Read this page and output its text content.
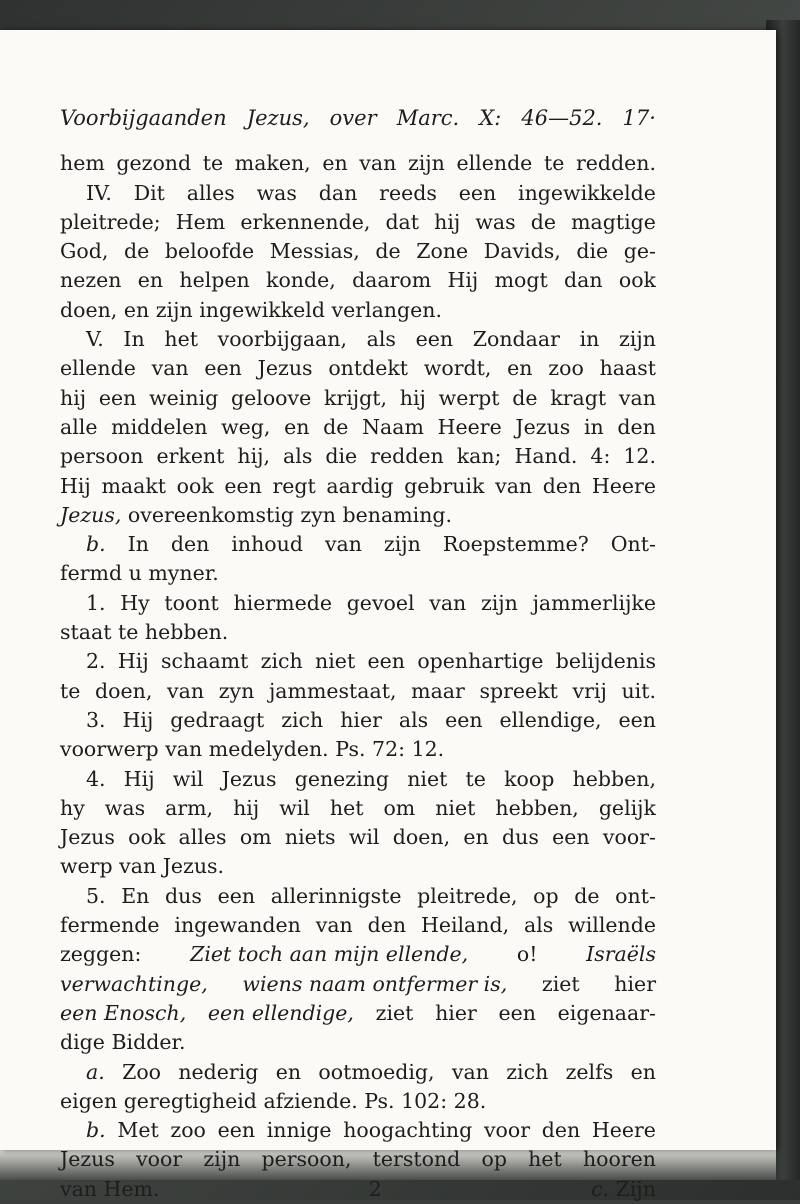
Voorbijgaanden Jezus, over Marc. X: 46—52. 17·
hem gezond te maken, en van zijn ellende te redden.
IV. Dit alles was dan reeds een ingewikkelde
pleitrede; Hem erkennende, dat hij was de magtige
God, de beloofde Messias, de Zone Davids, die ge-
nezen en helpen konde, daarom Hij mogt dan ook
doen,
en
zijn
ingewikkeld
verlangen.
V. In het voorbijgaan, als een Zondaar in zijn
ellende van een Jezus ontdekt wordt, en zoo haast
hij een weinig geloove krijgt, hij werpt de kragt van
alle middelen weg, en de Naam Heere Jezus in den
persoon erkent hij, als die redden kan; Hand. 4: 12.
Hij maakt ook een regt aardig gebruik van den Heere
Jezus,
overeenkomstig
zyn
benaming.
b. In den inhoud van zijn Roepstemme? Ont-
fermd
u
myner.
1. Hy toont hiermede gevoel van zijn jammerlijke
staat
te
hebben.
2. Hij schaamt zich niet een openhartige belijdenis
te doen, van zyn jammestaat, maar spreekt vrij uit.
3. Hij gedraagt zich hier als een ellendige, een
voorwerp
van
medelyden.
Ps.
72:
12.
4. Hij wil Jezus genezing niet te koop hebben,
hy was arm, hij wil het om niet hebben, gelijk
Jezus ook alles om niets wil doen, en dus een voor-
werp
van
Jezus.
5. En dus een allerinnigste pleitrede, op de ont-
fermende ingewanden van den Heiland, als willende
zeggen: Ziet toch aan mijn ellende, o! Israëls
verwachtinge, wiens naam ontfermer is, ziet hier
een Enosch, een ellendige, ziet hier een eigenaar-
dige
Bidder.
a. Zoo nederig en ootmoedig, van zich zelfs en
eigen
geregtigheid
afziende.
Ps.
102:
28.
b. Met zoo een innige hoogachting voor den Heere
Jezus voor zijn persoon, terstond op het hooren
van Hem.	2	c. Zijn
